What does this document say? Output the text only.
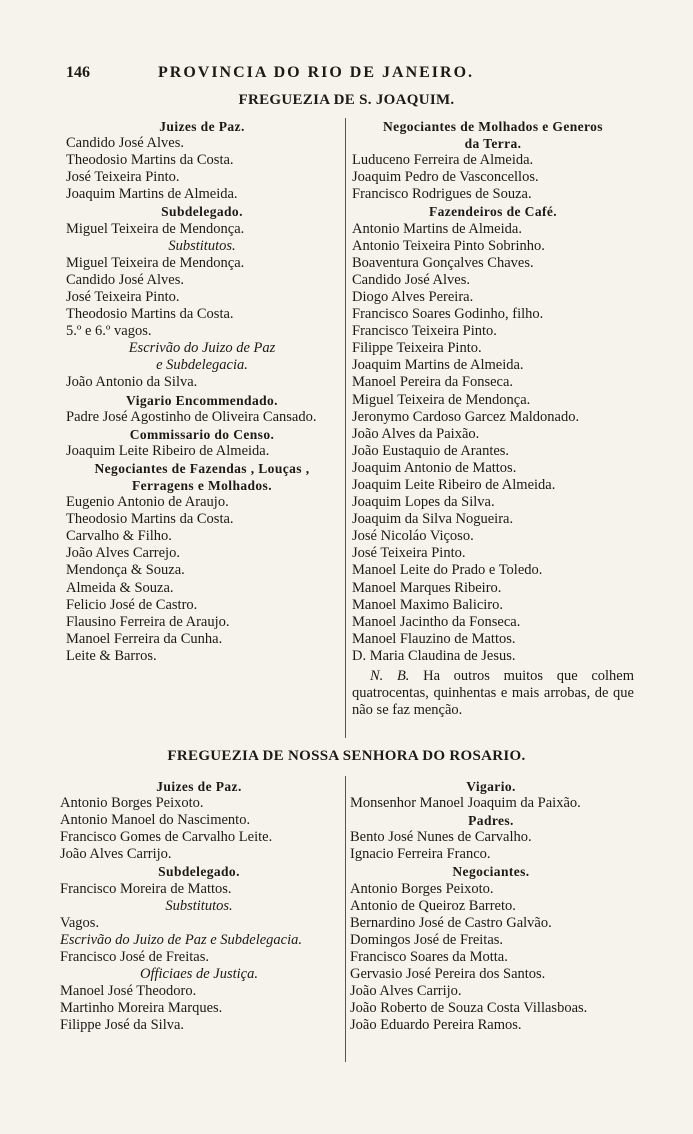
146	PROVINCIA DO RIO DE JANEIRO.
FREGUEZIA DE S. JOAQUIM.
Juizes de Paz.
Candido José Alves.
Theodosio Martins da Costa.
José Teixeira Pinto.
Joaquim Martins de Almeida.
Subdelegado.
Miguel Teixeira de Mendonça.
Substitutos.
Miguel Teixeira de Mendonça.
Candido José Alves.
José Teixeira Pinto.
Theodosio Martins da Costa.
5.º e 6.º vagos.
Escrivão do Juizo de Paz
e Subdelegacia.
João Antonio da Silva.
Vigario Encommendado.
Padre José Agostinho de Oliveira Cansado.
Commissario do Censo.
Joaquim Leite Ribeiro de Almeida.
Negociantes de Fazendas , Louças ,
Ferragens e Molhados.
Eugenio Antonio de Araujo.
Theodosio Martins da Costa.
Carvalho & Filho.
João Alves Carrejo.
Mendonça & Souza.
Almeida & Souza.
Felicio José de Castro.
Flausino Ferreira de Araujo.
Manoel Ferreira da Cunha.
Leite & Barros.
Negociantes de Molhados e Generos
da Terra.
Luduceno Ferreira de Almeida.
Joaquim Pedro de Vasconcellos.
Francisco Rodrigues de Souza.
Fazendeiros de Café.
Antonio Martins de Almeida.
Antonio Teixeira Pinto Sobrinho.
Boaventura Gonçalves Chaves.
Candido José Alves.
Diogo Alves Pereira.
Francisco Soares Godinho, filho.
Francisco Teixeira Pinto.
Filippe Teixeira Pinto.
Joaquim Martins de Almeida.
Manoel Pereira da Fonseca.
Miguel Teixeira de Mendonça.
Jeronymo Cardoso Garcez Maldonado.
João Alves da Paixão.
João Eustaquio de Arantes.
Joaquim Antonio de Mattos.
Joaquim Leite Ribeiro de Almeida.
Joaquim Lopes da Silva.
Joaquim da Silva Nogueira.
José Nicoláo Viçoso.
José Teixeira Pinto.
Manoel Leite do Prado e Toledo.
Manoel Marques Ribeiro.
Manoel Maximo Baliciro.
Manoel Jacintho da Fonseca.
Manoel Flauzino de Mattos.
D. Maria Claudina de Jesus.
N. B. Ha outros muitos que colhem quatrocentas, quinhentas e mais arrobas, de que não se faz menção.
FREGUEZIA DE NOSSA SENHORA DO ROSARIO.
Juizes de Paz.
Antonio Borges Peixoto.
Antonio Manoel do Nascimento.
Francisco Gomes de Carvalho Leite.
João Alves Carrijo.
Subdelegado.
Francisco Moreira de Mattos.
Substitutos.
Vagos.
Escrivão do Juizo de Paz e Subdelegacia.
Francisco José de Freitas.
Officiaes de Justiça.
Manoel José Theodoro.
Martinho Moreira Marques.
Filippe José da Silva.
Vigario.
Monsenhor Manoel Joaquim da Paixão.
Padres.
Bento José Nunes de Carvalho.
Ignacio Ferreira Franco.
Negociantes.
Antonio Borges Peixoto.
Antonio de Queiroz Barreto.
Bernardino José de Castro Galvão.
Domingos José de Freitas.
Francisco Soares da Motta.
Gervasio José Pereira dos Santos.
João Alves Carrijo.
João Roberto de Souza Costa Villasboas.
João Eduardo Pereira Ramos.
